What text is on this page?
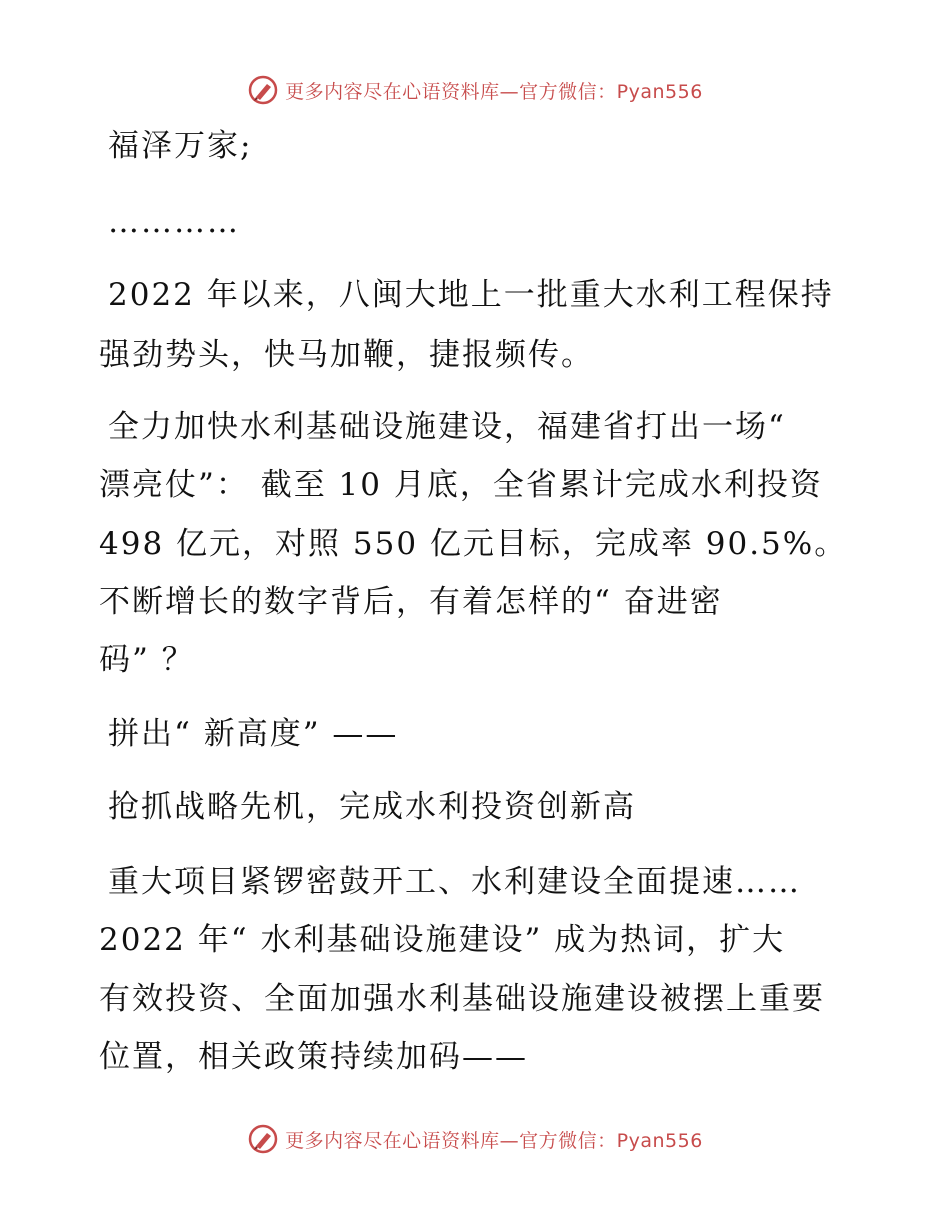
更多内容尽在心语资料库—官方微信：Pyan556
福泽万家;
…………
2022 年以来，八闽大地上一批重大水利工程保持
强劲势头，快马加鞭，捷报频传。
全力加快水利基础设施建设，福建省打出一场“
漂亮仗”： 截至 10 月底，全省累计完成水利投资
498 亿元，对照 550 亿元目标，完成率 90.5%。
不断增长的数字背后，有着怎样的“ 奋进密
码” ？
拼出“ 新高度” ——
抢抓战略先机，完成水利投资创新高
重大项目紧锣密鼓开工、水利建设全面提速……
2022 年“ 水利基础设施建设” 成为热词，扩大
有效投资、全面加强水利基础设施建设被摆上重要
位置，相关政策持续加码——
更多内容尽在心语资料库—官方微信：Pyan556
